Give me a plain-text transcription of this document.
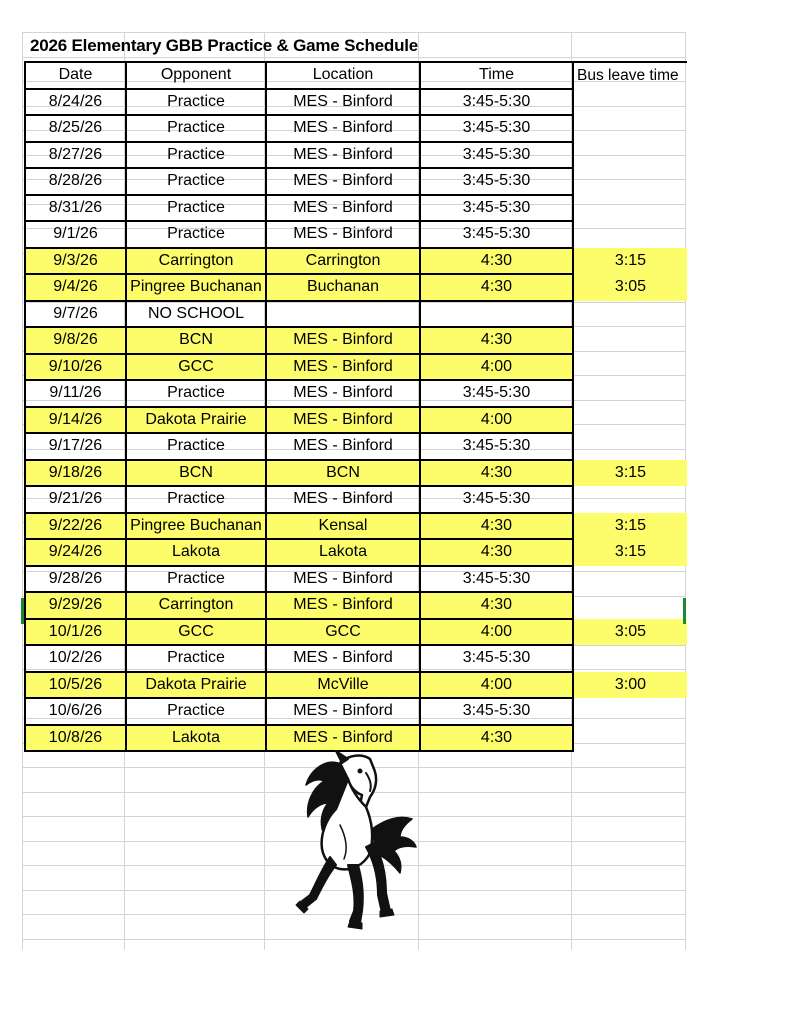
2026 Elementary GBB Practice & Game Schedule
Date	Opponent	Location	Time	Bus leave time
8/24/26	Practice	MES - Binford	3:45-5:30	
8/25/26	Practice	MES - Binford	3:45-5:30	
8/27/26	Practice	MES - Binford	3:45-5:30	
8/28/26	Practice	MES - Binford	3:45-5:30	
8/31/26	Practice	MES - Binford	3:45-5:30	
9/1/26	Practice	MES - Binford	3:45-5:30	
9/3/26	Carrington	Carrington	4:30	3:15
9/4/26	Pingree Buchanan	Buchanan	4:30	3:05
9/7/26	NO SCHOOL			
9/8/26	BCN	MES - Binford	4:30	
9/10/26	GCC	MES - Binford	4:00	
9/11/26	Practice	MES - Binford	3:45-5:30	
9/14/26	Dakota Prairie	MES - Binford	4:00	
9/17/26	Practice	MES - Binford	3:45-5:30	
9/18/26	BCN	BCN	4:30	3:15
9/21/26	Practice	MES - Binford	3:45-5:30	
9/22/26	Pingree Buchanan	Kensal	4:30	3:15
9/24/26	Lakota	Lakota	4:30	3:15
9/28/26	Practice	MES - Binford	3:45-5:30	
9/29/26	Carrington	MES - Binford	4:30	
10/1/26	GCC	GCC	4:00	3:05
10/2/26	Practice	MES - Binford	3:45-5:30	
10/5/26	Dakota Prairie	McVille	4:00	3:00
10/6/26	Practice	MES - Binford	3:45-5:30	
10/8/26	Lakota	MES - Binford	4:30	
